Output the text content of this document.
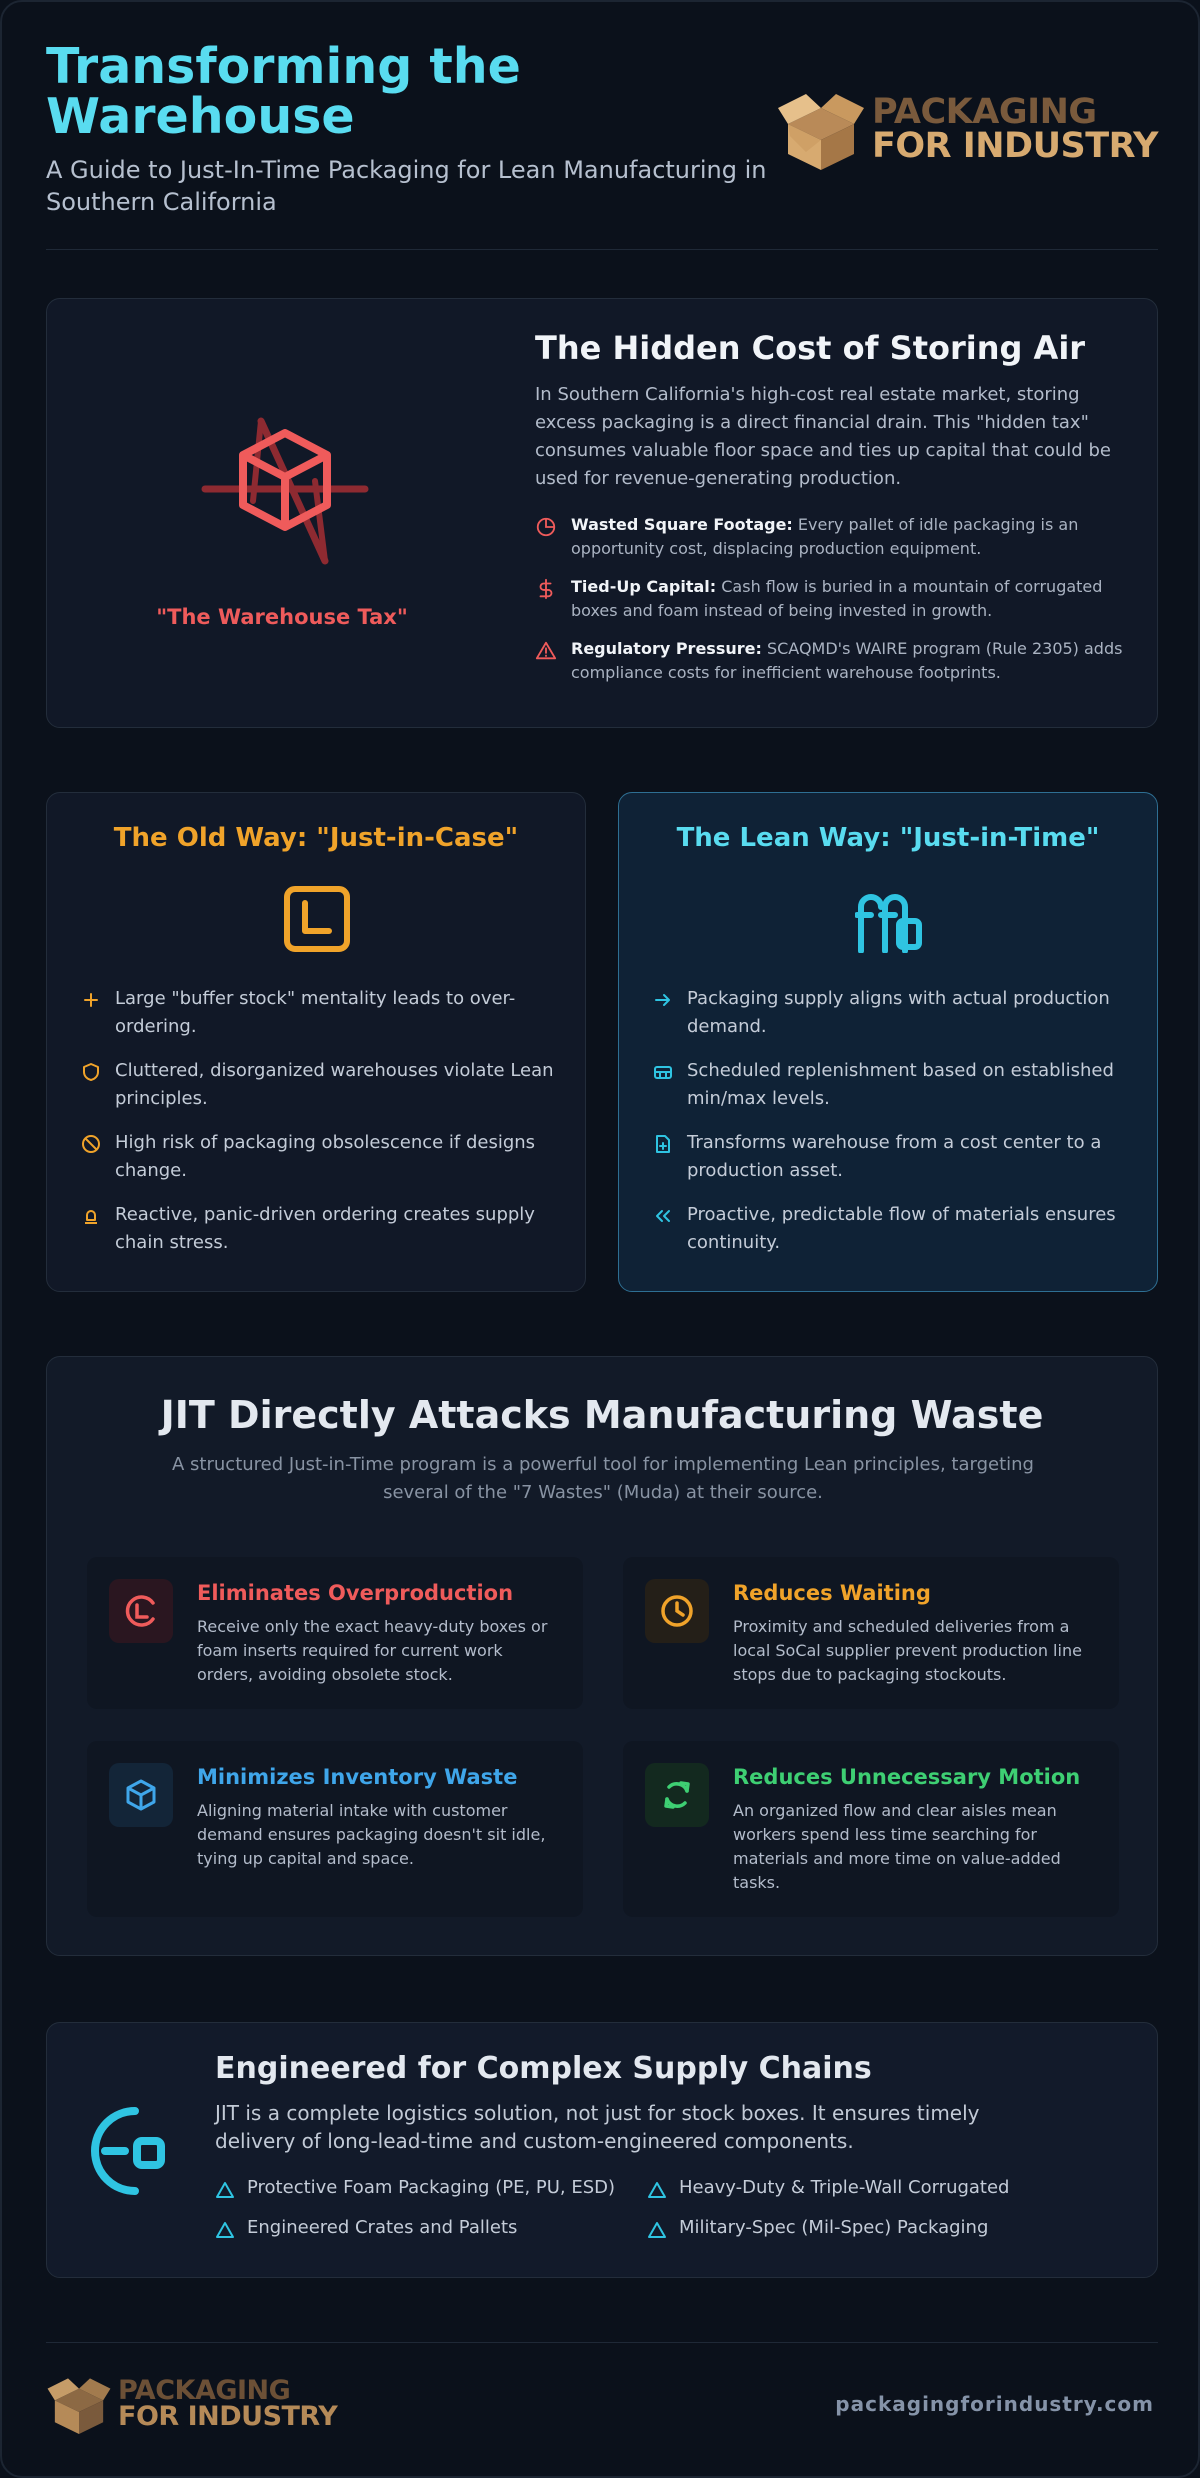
Transforming the Warehouse

A Guide to Just-In-Time Packaging for Lean Manufacturing in Southern California

PACKAGING
FOR INDUSTRY
"The Warehouse Tax"
The Hidden Cost of Storing Air

In Southern California's high-cost real estate market, storing excess packaging is a direct financial drain. This "hidden tax" consumes valuable floor space and ties up capital that could be used for revenue-generating production.

Wasted Square Footage: Every pallet of idle packaging is an opportunity cost, displacing production equipment.
Tied-Up Capital: Cash flow is buried in a mountain of corrugated boxes and foam instead of being invested in growth.
Regulatory Pressure: SCAQMD's WAIRE program (Rule 2305) adds compliance costs for inefficient warehouse footprints.
The Old Way: "Just-in-Case"
Large "buffer stock" mentality leads to over-ordering.
Cluttered, disorganized warehouses violate Lean principles.
High risk of packaging obsolescence if designs change.
Reactive, panic-driven ordering creates supply chain stress.
The Lean Way: "Just-in-Time"
Packaging supply aligns with actual production demand.
Scheduled replenishment based on established min/max levels.
Transforms warehouse from a cost center to a production asset.
Proactive, predictable flow of materials ensures continuity.
JIT Directly Attacks Manufacturing Waste

A structured Just-in-Time program is a powerful tool for implementing Lean principles, targeting several of the "7 Wastes" (Muda) at their source.

Eliminates Overproduction
Receive only the exact heavy-duty boxes or foam inserts required for current work orders, avoiding obsolete stock.
Reduces Waiting
Proximity and scheduled deliveries from a local SoCal supplier prevent production line stops due to packaging stockouts.
Minimizes Inventory Waste
Aligning material intake with customer demand ensures packaging doesn't sit idle, tying up capital and space.
Reduces Unnecessary Motion
An organized flow and clear aisles mean workers spend less time searching for materials and more time on value-added tasks.
Engineered for Complex Supply Chains

JIT is a complete logistics solution, not just for stock boxes. It ensures timely delivery of long-lead-time and custom-engineered components.

Protective Foam Packaging (PE, PU, ESD)	Heavy-Duty & Triple-Wall Corrugated
Engineered Crates and Pallets	Military-Spec (Mil-Spec) Packaging
PACKAGING
FOR INDUSTRY	packagingforindustry.com
